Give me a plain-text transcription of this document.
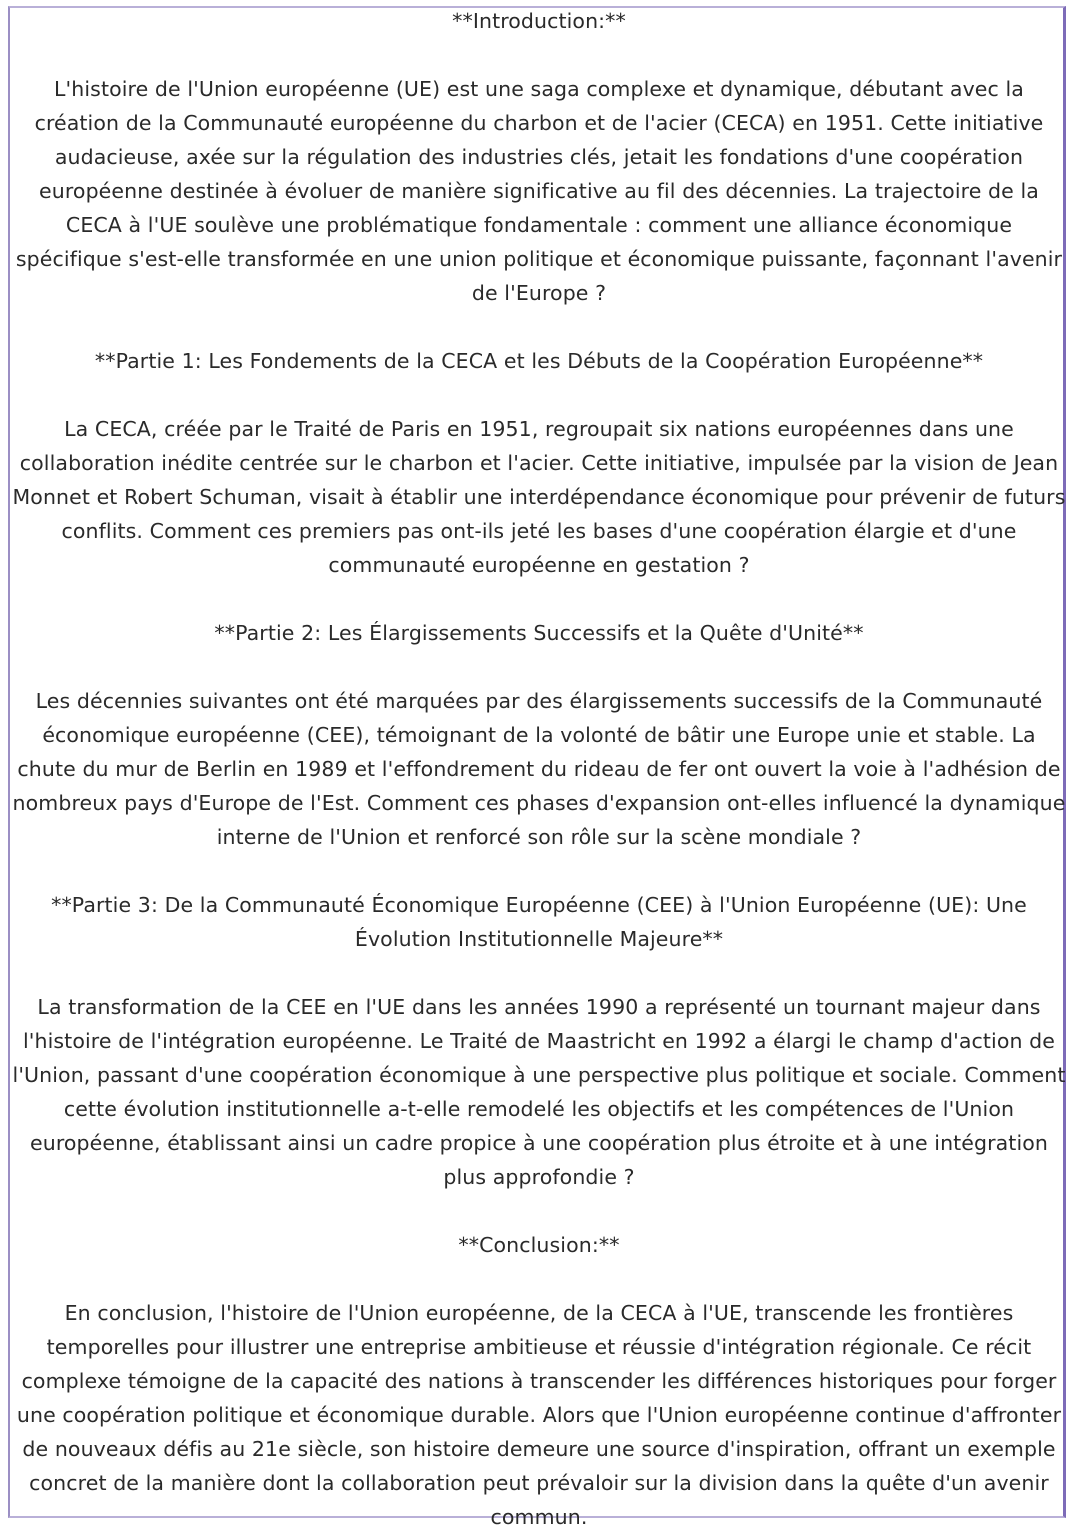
**Introduction:**

L'histoire de l'Union européenne (UE) est une saga complexe et dynamique, débutant avec la création de la Communauté européenne du charbon et de l'acier (CECA) en 1951. Cette initiative audacieuse, axée sur la régulation des industries clés, jetait les fondations d'une coopération européenne destinée à évoluer de manière significative au fil des décennies. La trajectoire de la CECA à l'UE soulève une problématique fondamentale : comment une alliance économique spécifique s'est-elle transformée en une union politique et économique puissante, façonnant l'avenir de l'Europe ?

**Partie 1: Les Fondements de la CECA et les Débuts de la Coopération Européenne**

La CECA, créée par le Traité de Paris en 1951, regroupait six nations européennes dans une collaboration inédite centrée sur le charbon et l'acier. Cette initiative, impulsée par la vision de Jean Monnet et Robert Schuman, visait à établir une interdépendance économique pour prévenir de futurs conflits. Comment ces premiers pas ont-ils jeté les bases d'une coopération élargie et d'une communauté européenne en gestation ?

**Partie 2: Les Élargissements Successifs et la Quête d'Unité**

Les décennies suivantes ont été marquées par des élargissements successifs de la Communauté économique européenne (CEE), témoignant de la volonté de bâtir une Europe unie et stable. La chute du mur de Berlin en 1989 et l'effondrement du rideau de fer ont ouvert la voie à l'adhésion de nombreux pays d'Europe de l'Est. Comment ces phases d'expansion ont-elles influencé la dynamique interne de l'Union et renforcé son rôle sur la scène mondiale ?

**Partie 3: De la Communauté Économique Européenne (CEE) à l'Union Européenne (UE): Une Évolution Institutionnelle Majeure**

La transformation de la CEE en l'UE dans les années 1990 a représenté un tournant majeur dans l'histoire de l'intégration européenne. Le Traité de Maastricht en 1992 a élargi le champ d'action de l'Union, passant d'une coopération économique à une perspective plus politique et sociale. Comment cette évolution institutionnelle a-t-elle remodelé les objectifs et les compétences de l'Union européenne, établissant ainsi un cadre propice à une coopération plus étroite et à une intégration plus approfondie ?

**Conclusion:**

En conclusion, l'histoire de l'Union européenne, de la CECA à l'UE, transcende les frontières temporelles pour illustrer une entreprise ambitieuse et réussie d'intégration régionale. Ce récit complexe témoigne de la capacité des nations à transcender les différences historiques pour forger une coopération politique et économique durable. Alors que l'Union européenne continue d'affronter de nouveaux défis au 21e siècle, son histoire demeure une source d'inspiration, offrant un exemple concret de la manière dont la collaboration peut prévaloir sur la division dans la quête d'un avenir commun.
